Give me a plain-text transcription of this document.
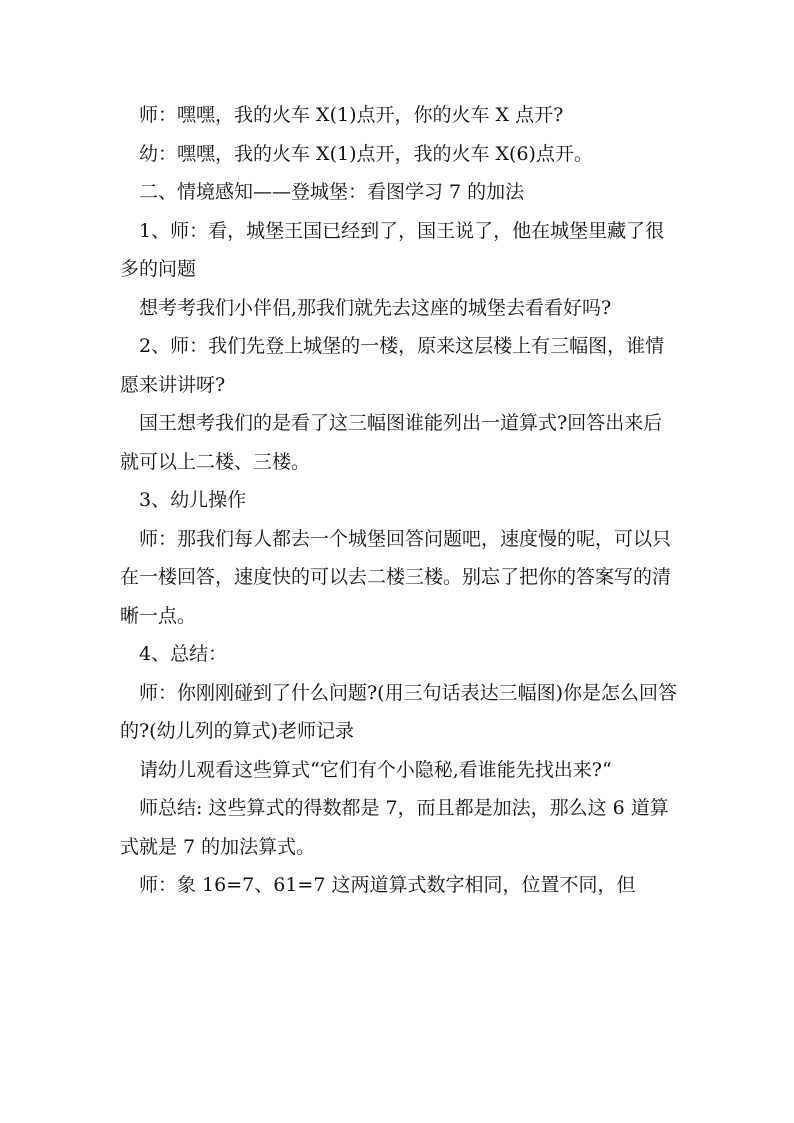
师：嘿嘿，我的火车 X(1)点开，你的火车 X 点开?

幼：嘿嘿，我的火车 X(1)点开，我的火车 X(6)点开。

二、情境感知——登城堡：看图学习 7 的加法

1、师：看，城堡王国已经到了，国王说了，他在城堡里藏了很多的问题

想考考我们小伴侣,那我们就先去这座的城堡去看看好吗?

2、师：我们先登上城堡的一楼，原来这层楼上有三幅图，谁情愿来讲讲呀?

国王想考我们的是看了这三幅图谁能列出一道算式?回答出来后就可以上二楼、三楼。

3、幼儿操作

师：那我们每人都去一个城堡回答问题吧，速度慢的呢，可以只在一楼回答，速度快的可以去二楼三楼。别忘了把你的答案写的清晰一点。

4、总结：

师：你刚刚碰到了什么问题?(用三句话表达三幅图)你是怎么回答的?(幼儿列的算式)老师记录

请幼儿观看这些算式“它们有个小隐秘,看谁能先找出来?“

师总结: 这些算式的得数都是 7，而且都是加法，那么这 6 道算式就是 7 的加法算式。

师：象 16=7、61=7 这两道算式数字相同，位置不同，但
